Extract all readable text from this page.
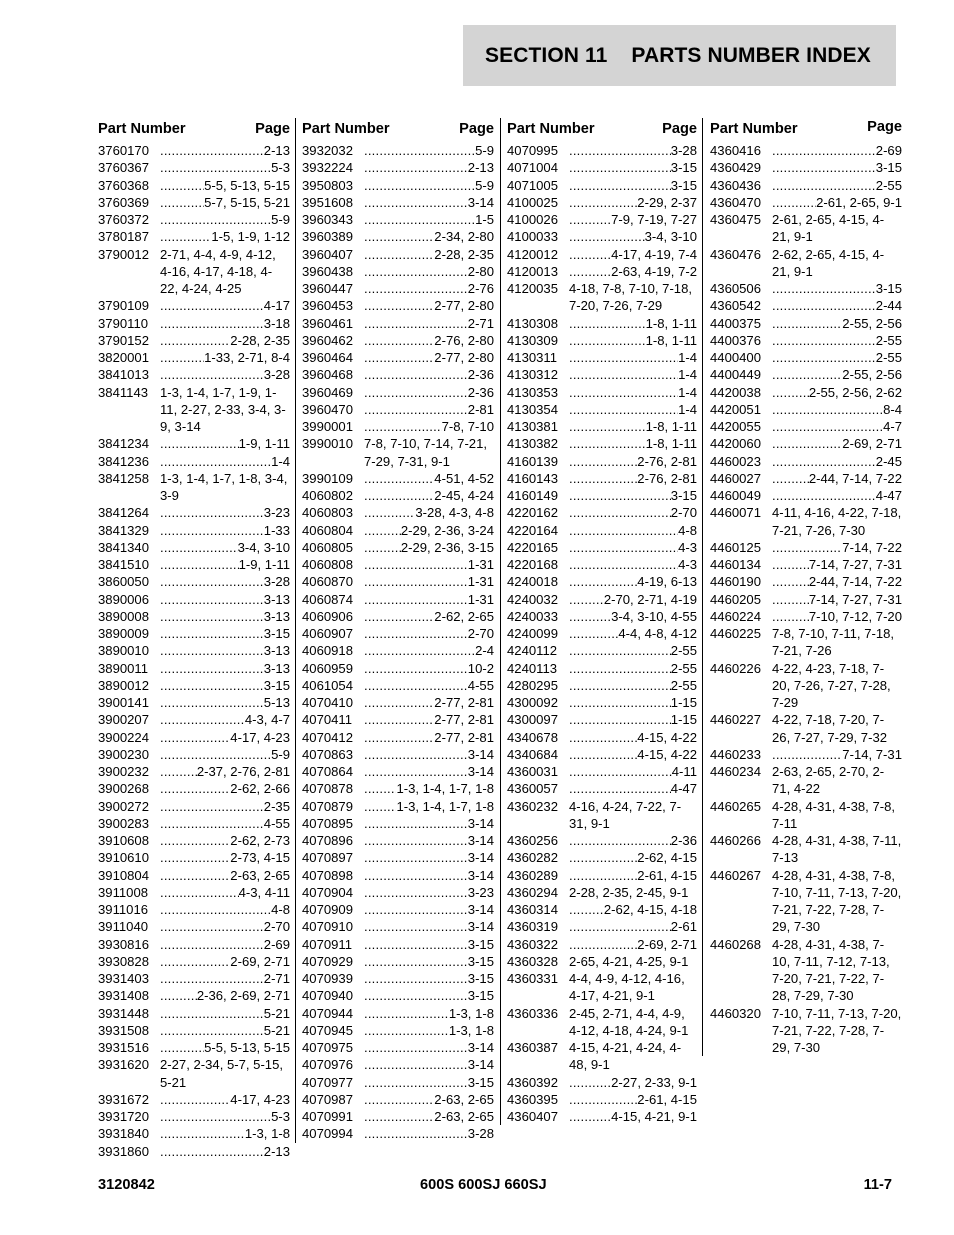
SECTION 11 PARTS NUMBER INDEX
Part Number	Page
3760170 .....	2-13
3760367 .....	5-3
3760368 .....	5-5, 5-13, 5-15
3760369 .....	5-7, 5-15, 5-21
3760372 .....	5-9
3780187 .....	1-5, 1-9, 1-12
3790012 2-71, 4-4, 4-9, 4-12, 4-16, 4-17, 4-18, 4-22, 4-24, 4-25
3790109 .....	4-17
3790110 .....	3-18
3790152 .....	2-28, 2-35
3820001 .....	1-33, 2-71, 8-4
3841013 .....	3-28
3841143 1-3, 1-4, 1-7, 1-9, 1-11, 2-27, 2-33, 3-4, 3-9, 3-14
3841234 .....	1-9, 1-11
3841236 .....	1-4
3841258 1-3, 1-4, 1-7, 1-8, 3-4, 3-9
3841264 .....	3-23
3841329 .....	1-33
3841340 .....	3-4, 3-10
3841510 .....	1-9, 1-11
3860050 .....	3-28
3890006 .....	3-13
3890008 .....	3-13
3890009 .....	3-15
3890010 .....	3-13
3890011 .....	3-13
3890012 .....	3-15
3900141 .....	5-13
3900207 .....	4-3, 4-7
3900224 .....	4-17, 4-23
3900230 .....	5-9
3900232 .....	2-37, 2-76, 2-81
3900268 .....	2-62, 2-66
3900272 .....	2-35
3900283 .....	4-55
3910608 .....	2-62, 2-73
3910610 .....	2-73, 4-15
3910804 .....	2-63, 2-65
3911008 .....	4-3, 4-11
3911016 .....	4-8
3911040 .....	2-70
3930816 .....	2-69
3930828 .....	2-69, 2-71
3931403 .....	2-71
3931408 .....	2-36, 2-69, 2-71
3931448 .....	5-21
3931508 .....	5-21
3931516 .....	5-5, 5-13, 5-15
3931620 2-27, 2-34, 5-7, 5-15, 5-21
3931672 .....	4-17, 4-23
3931720 .....	5-3
3931840 .....	1-3, 1-8
3931860 .....	2-13
Part Number	Page
3932032 .....	5-9
3932224 .....	2-13
3950803 .....	5-9
3951608 .....	3-14
3960343 .....	1-5
3960389 .....	2-34, 2-80
3960407 .....	2-28, 2-35
3960438 .....	2-80
3960447 .....	2-76
3960453 .....	2-77, 2-80
3960461 .....	2-71
3960462 .....	2-76, 2-80
3960464 .....	2-77, 2-80
3960468 .....	2-36
3960469 .....	2-36
3960470 .....	2-81
3990001 .....	7-8, 7-10
3990010 7-8, 7-10, 7-14, 7-21, 7-29, 7-31, 9-1
3990109 .....	4-51, 4-52
4060802 .....	2-45, 4-24
4060803 .....	3-28, 4-3, 4-8
4060804 .....	2-29, 2-36, 3-24
4060805 .....	2-29, 2-36, 3-15
4060808 .....	1-31
4060870 .....	1-31
4060874 .....	1-31
4060906 .....	2-62, 2-65
4060907 .....	2-70
4060918 .....	2-4
4060959 .....	10-2
4061054 .....	4-55
4070410 .....	2-77, 2-81
4070411 .....	2-77, 2-81
4070412 .....	2-77, 2-81
4070863 .....	3-14
4070864 .....	3-14
4070878 .....	1-3, 1-4, 1-7, 1-8
4070879 .....	1-3, 1-4, 1-7, 1-8
4070895 .....	3-14
4070896 .....	3-14
4070897 .....	3-14
4070898 .....	3-14
4070904 .....	3-23
4070909 .....	3-14
4070910 .....	3-14
4070911 .....	3-15
4070929 .....	3-15
4070939 .....	3-15
4070940 .....	3-15
4070944 .....	1-3, 1-8
4070945 .....	1-3, 1-8
4070975 .....	3-14
4070976 .....	3-14
4070977 .....	3-15
4070987 .....	2-63, 2-65
4070991 .....	2-63, 2-65
4070994 .....	3-28
Part Number	Page
4070995 .....	3-28
4071004 .....	3-15
4071005 .....	3-15
4100025 .....	2-29, 2-37
4100026 .....	7-9, 7-19, 7-27
4100033 .....	3-4, 3-10
4120012 .....	4-17, 4-19, 7-4
4120013 .....	2-63, 4-19, 7-2
4120035 4-18, 7-8, 7-10, 7-18, 7-20, 7-26, 7-29
4130308 .....	1-8, 1-11
4130309 .....	1-8, 1-11
4130311 .....	1-4
4130312 .....	1-4
4130353 .....	1-4
4130354 .....	1-4
4130381 .....	1-8, 1-11
4130382 .....	1-8, 1-11
4160139 .....	2-76, 2-81
4160143 .....	2-76, 2-81
4160149 .....	3-15
4220162 .....	2-70
4220164 .....	4-8
4220165 .....	4-3
4220168 .....	4-3
4240018 .....	4-19, 6-13
4240032 .....	2-70, 2-71, 4-19
4240033 .....	3-4, 3-10, 4-55
4240099 .....	4-4, 4-8, 4-12
4240112 .....	2-55
4240113 .....	2-55
4280295 .....	2-55
4300092 .....	1-15
4300097 .....	1-15
4340678 .....	4-15, 4-22
4340684 .....	4-15, 4-22
4360031 .....	4-11
4360057 .....	4-47
4360232 4-16, 4-24, 7-22, 7-31, 9-1
4360256 .....	2-36
4360282 .....	2-62, 4-15
4360289 .....	2-61, 4-15
4360294 2-28, 2-35, 2-45, 9-1
4360314 .....	2-62, 4-15, 4-18
4360319 .....	2-61
4360322 .....	2-69, 2-71
4360328 2-65, 4-21, 4-25, 9-1
4360331 4-4, 4-9, 4-12, 4-16, 4-17, 4-21, 9-1
4360336 2-45, 2-71, 4-4, 4-9, 4-12, 4-18, 4-24, 9-1
4360387 4-15, 4-21, 4-24, 4-48, 9-1
4360392 .....	2-27, 2-33, 9-1
4360395 .....	2-61, 4-15
4360407 .....	4-15, 4-21, 9-1
Part Number	Page
4360416 .....	2-69
4360429 .....	3-15
4360436 .....	2-55
4360470 .....	2-61, 2-65, 9-1
4360475 2-61, 2-65, 4-15, 4-21, 9-1
4360476 2-62, 2-65, 4-15, 4-21, 9-1
4360506 .....	3-15
4360542 .....	2-44
4400375 .....	2-55, 2-56
4400376 .....	2-55
4400400 .....	2-55
4400449 .....	2-55, 2-56
4420038 .....	2-55, 2-56, 2-62
4420051 .....	8-4
4420055 .....	4-7
4420060 .....	2-69, 2-71
4460023 .....	2-45
4460027 .....	2-44, 7-14, 7-22
4460049 .....	4-47
4460071 4-11, 4-16, 4-22, 7-18, 7-21, 7-26, 7-30
4460125 .....	7-14, 7-22
4460134 .....	7-14, 7-27, 7-31
4460190 .....	2-44, 7-14, 7-22
4460205 .....	7-14, 7-27, 7-31
4460224 .....	7-10, 7-12, 7-20
4460225 7-8, 7-10, 7-11, 7-18, 7-21, 7-26
4460226 4-22, 4-23, 7-18, 7-20, 7-26, 7-27, 7-28, 7-29
4460227 4-22, 7-18, 7-20, 7-26, 7-27, 7-29, 7-32
4460233 .....	7-14, 7-31
4460234 2-63, 2-65, 2-70, 2-71, 4-22
4460265 4-28, 4-31, 4-38, 7-8, 7-11
4460266 4-28, 4-31, 4-38, 7-11, 7-13
4460267 4-28, 4-31, 4-38, 7-8, 7-10, 7-11, 7-13, 7-20, 7-21, 7-22, 7-28, 7-29, 7-30
4460268 4-28, 4-31, 4-38, 7-10, 7-11, 7-12, 7-13, 7-20, 7-21, 7-22, 7-28, 7-29, 7-30
4460320 7-10, 7-11, 7-13, 7-20, 7-21, 7-22, 7-28, 7-29, 7-30
3120842	600S 600SJ 660SJ	11-7
